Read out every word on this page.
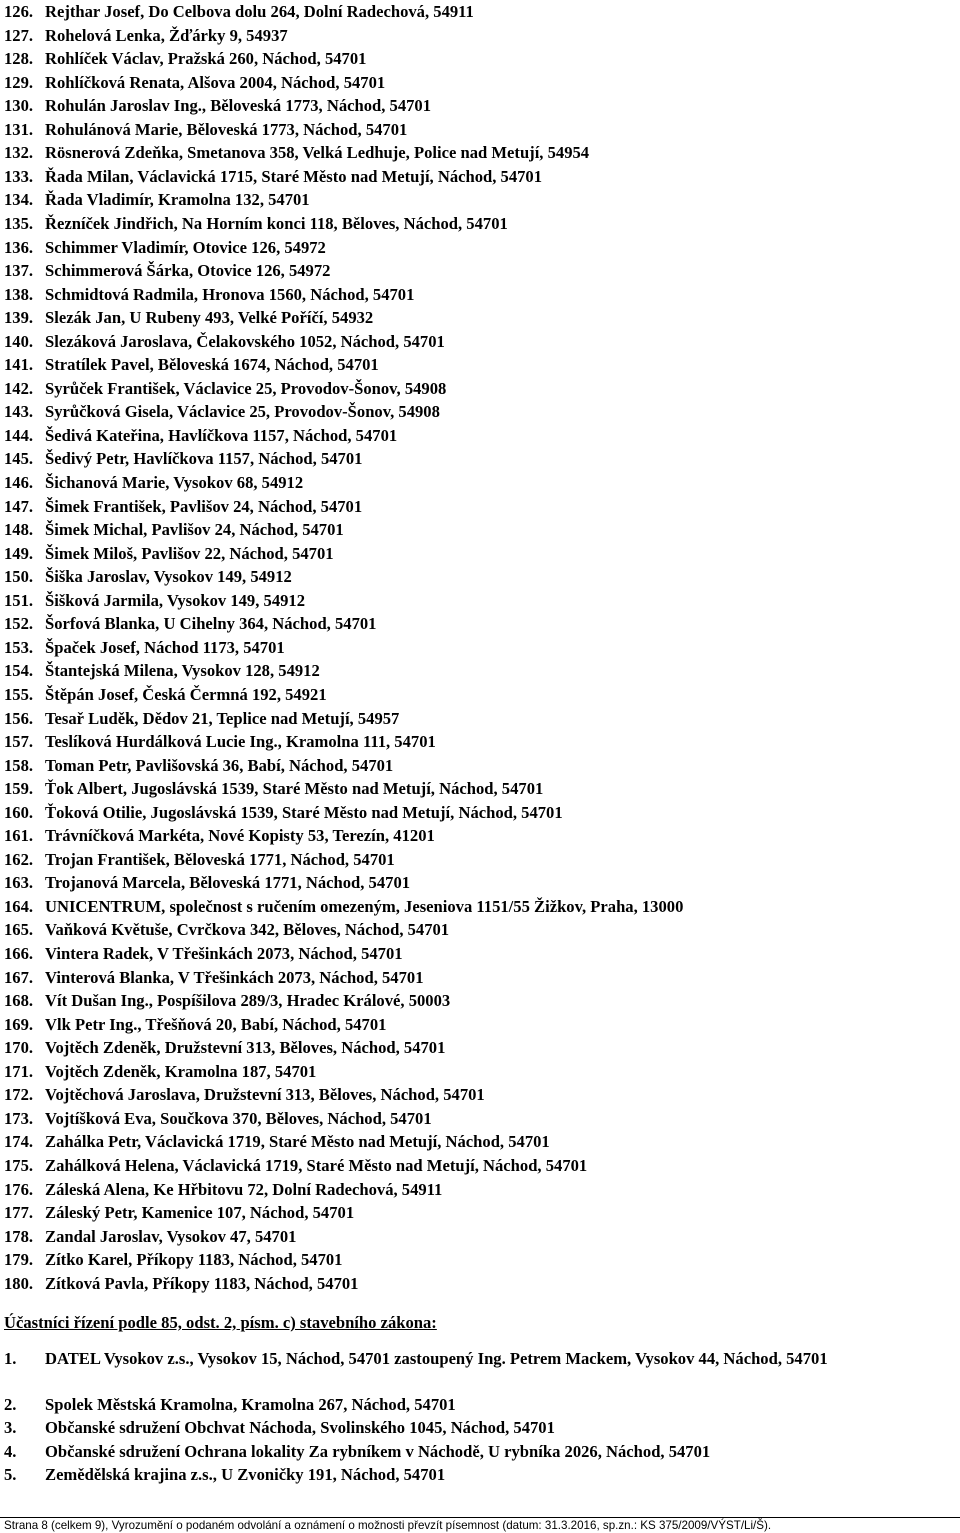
126. Rejthar Josef, Do Celbova dolu 264, Dolní Radechová, 54911
127. Rohelová Lenka, Žďárky 9, 54937
128. Rohlíček Václav, Pražská 260, Náchod, 54701
129. Rohlíčková Renata, Alšova 2004, Náchod, 54701
130. Rohulán Jaroslav Ing., Běloveská 1773, Náchod, 54701
131. Rohulánová Marie, Běloveská 1773, Náchod, 54701
132. Rösnerová Zdeňka, Smetanova 358, Velká Ledhuje, Police nad Metují, 54954
133. Řada Milan, Václavická 1715, Staré Město nad Metují, Náchod, 54701
134. Řada Vladimír, Kramolna 132, 54701
135. Řezníček Jindřich, Na Horním konci 118, Běloves, Náchod, 54701
136. Schimmer Vladimír, Otovice 126, 54972
137. Schimmerová Šárka, Otovice 126, 54972
138. Schmidtová Radmila, Hronova 1560, Náchod, 54701
139. Slezák Jan, U Rubeny 493, Velké Poříčí, 54932
140. Slezáková Jaroslava, Čelakovského 1052, Náchod, 54701
141. Stratílek Pavel, Běloveská 1674, Náchod, 54701
142. Syrůček František, Václavice 25, Provodov-Šonov, 54908
143. Syrůčková Gisela, Václavice 25, Provodov-Šonov, 54908
144. Šedivá Kateřina, Havlíčkova 1157, Náchod, 54701
145. Šedivý Petr, Havlíčkova 1157, Náchod, 54701
146. Šichanová Marie, Vysokov 68, 54912
147. Šimek František, Pavlišov 24, Náchod, 54701
148. Šimek Michal, Pavlišov 24, Náchod, 54701
149. Šimek Miloš, Pavlišov 22, Náchod, 54701
150. Šiška Jaroslav, Vysokov 149, 54912
151. Šišková Jarmila, Vysokov 149, 54912
152. Šorfová Blanka, U Cihelny 364, Náchod, 54701
153. Špaček Josef, Náchod 1173, 54701
154. Štantejská Milena, Vysokov 128, 54912
155. Štěpán Josef, Česká Čermná 192, 54921
156. Tesař Luděk, Dědov 21, Teplice nad Metují, 54957
157. Teslíková Hurdálková Lucie Ing., Kramolna 111, 54701
158. Toman Petr, Pavlišovská 36, Babí, Náchod, 54701
159. Ťok Albert, Jugoslávská 1539, Staré Město nad Metují, Náchod, 54701
160. Ťoková Otilie, Jugoslávská 1539, Staré Město nad Metují, Náchod, 54701
161. Trávníčková Markéta, Nové Kopisty 53, Terezín, 41201
162. Trojan František, Běloveská 1771, Náchod, 54701
163. Trojanová Marcela, Běloveská 1771, Náchod, 54701
164. UNICENTRUM, společnost s ručením omezeným, Jeseniova 1151/55 Žižkov, Praha, 13000
165. Vaňková Květuše, Cvrčkova 342, Běloves, Náchod, 54701
166. Vintera Radek, V Třešinkách 2073, Náchod, 54701
167. Vinterová Blanka, V Třešinkách 2073, Náchod, 54701
168. Vít Dušan Ing., Pospíšilova 289/3, Hradec Králové, 50003
169. Vlk Petr Ing., Třešňová 20, Babí, Náchod, 54701
170. Vojtěch Zdeněk, Družstevní 313, Běloves, Náchod, 54701
171. Vojtěch Zdeněk, Kramolna 187, 54701
172. Vojtěchová Jaroslava, Družstevní 313, Běloves, Náchod, 54701
173. Vojtíšková Eva, Součkova 370, Běloves, Náchod, 54701
174. Zahálka Petr, Václavická 1719, Staré Město nad Metují, Náchod, 54701
175. Zahálková Helena, Václavická 1719, Staré Město nad Metují, Náchod, 54701
176. Záleská Alena, Ke Hřbitovu 72, Dolní Radechová, 54911
177. Záleský Petr, Kamenice 107, Náchod, 54701
178. Zandal Jaroslav, Vysokov 47, 54701
179. Zítko Karel, Příkopy 1183, Náchod, 54701
180. Zítková Pavla, Příkopy 1183, Náchod, 54701
Účastníci řízení podle 85, odst. 2, písm. c) stavebního zákona:
1. DATEL Vysokov z.s., Vysokov 15, Náchod, 54701 zastoupený Ing. Petrem Mackem, Vysokov 44, Náchod, 54701
2. Spolek Městská Kramolna, Kramolna 267, Náchod, 54701
3. Občanské sdružení Obchvat Náchoda, Svolinského 1045, Náchod, 54701
4. Občanské sdružení Ochrana lokality Za rybníkem v Náchodě, U rybníka 2026, Náchod, 54701
5. Zemědělská krajina z.s., U Zvoničky 191, Náchod, 54701
Strana 8 (celkem 9), Vyrozumění o podaném odvolání a oznámení o možnosti převzít písemnost (datum: 31.3.2016, sp.zn.: KS 375/2009/VÝST/Li/Š).
